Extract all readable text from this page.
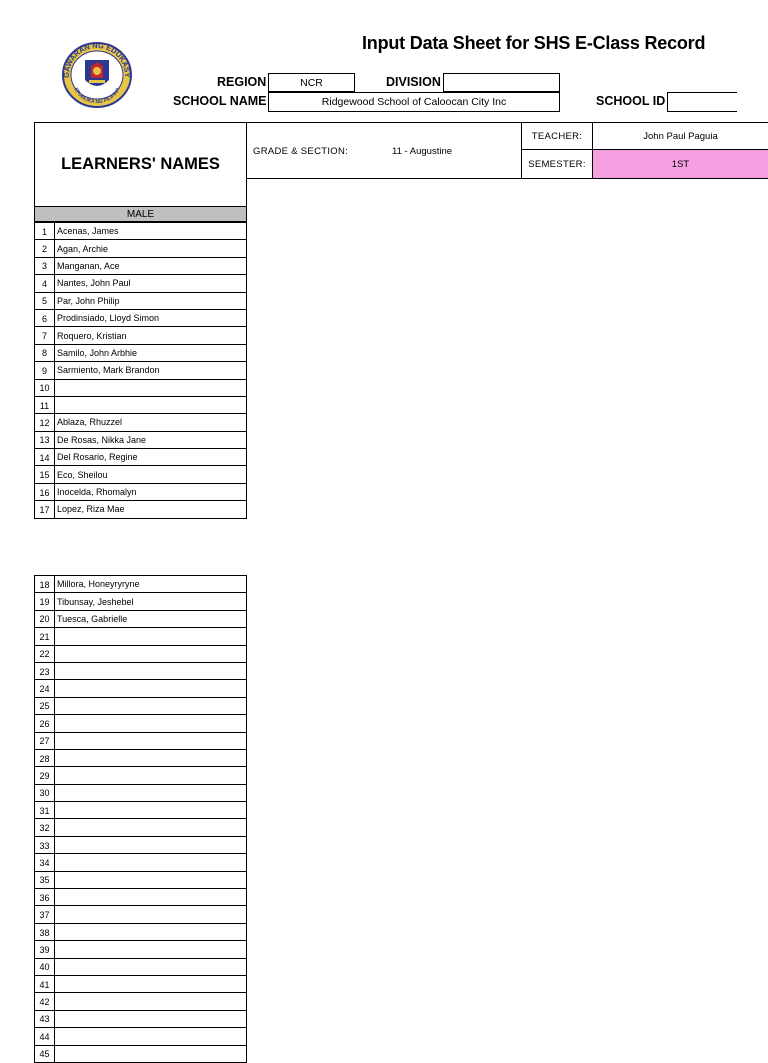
GAWARAN NG EDUKASY
EPUBLIKA NG PILIPINA
Input Data Sheet for SHS E-Class Record
REGION	NCR	DIVISION
SCHOOL NAME	Ridgewood School of Caloocan City Inc	SCHOOL ID
LEARNERS' NAMES
GRADE & SECTION:	11 - Augustine
TEACHER:	John Paul Paguia
SEMESTER:	1ST
MALE
1	Acenas, James
2	Agan, Archie
3	Manganan, Ace
4	Nantes, John Paul
5	Par, John Philip
6	Prodinsiado, Lloyd Simon
7	Roquero, Kristian
8	Samilo, John Arbhie
9	Sarmiento, Mark Brandon
10	
11	
12	Ablaza, Rhuzzel
13	De Rosas, Nikka Jane
14	Del Rosario, Regine
15	Eco, Sheilou
16	Inocelda, Rhomalyn
17	Lopez, Riza Mae
18	Millora, Honeyryryne
19	Tibunsay, Jeshebel
20	Tuesca, Gabrielle
21	
22	
23	
24	
25	
26	
27	
28	
29	
30	
31	
32	
33	
34	
35	
36	
37	
38	
39	
40	
41	
42	
43	
44	
45	
